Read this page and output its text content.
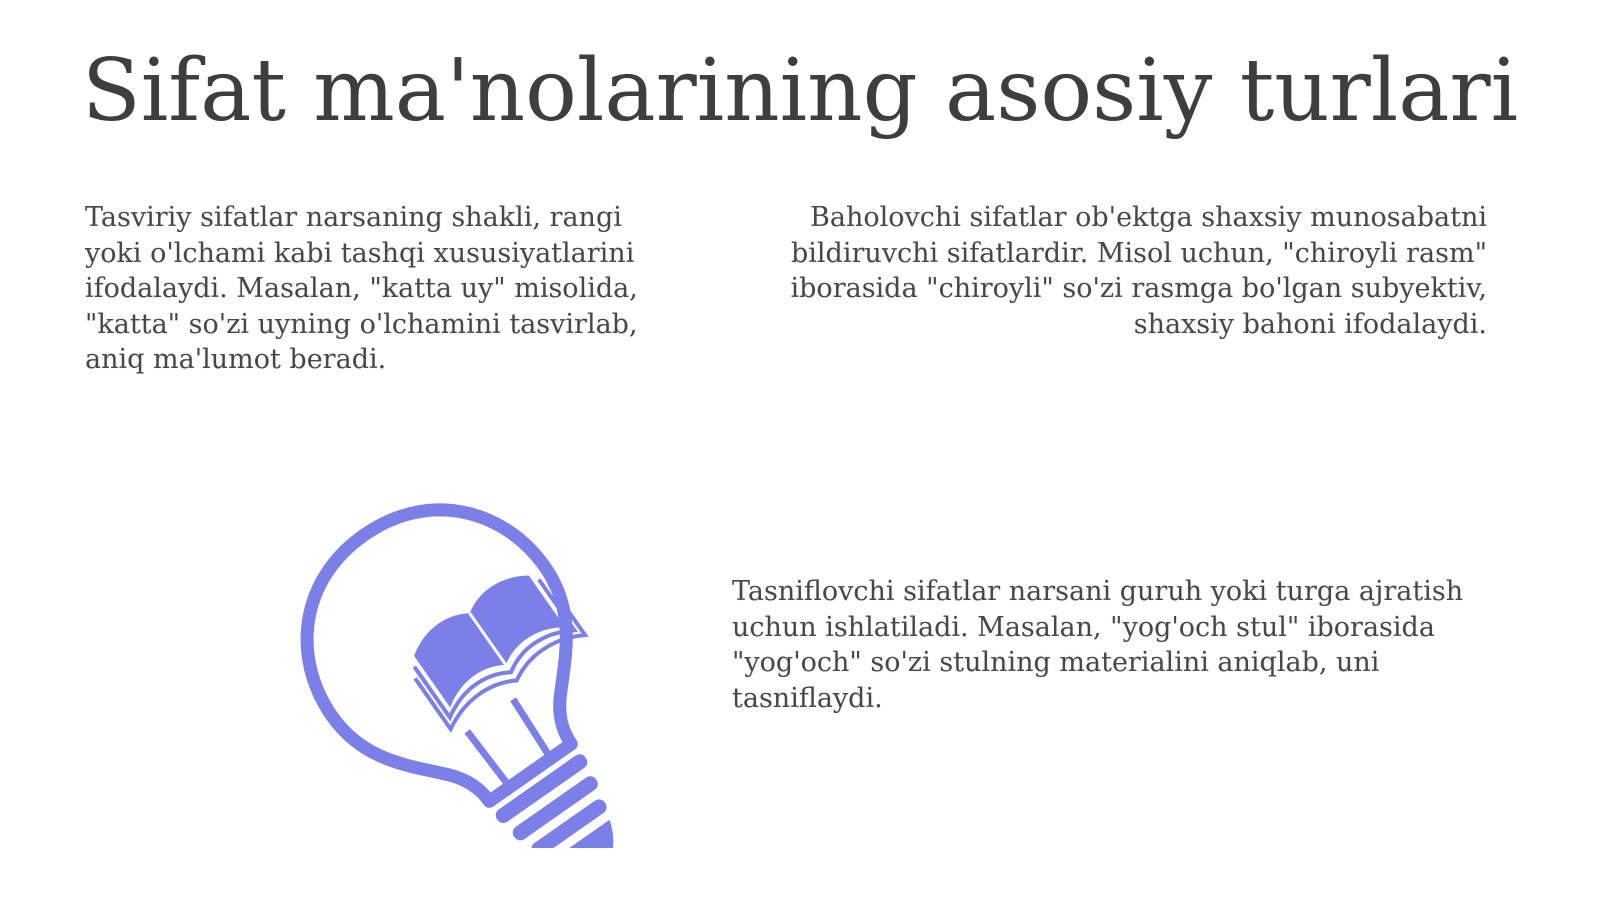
Sifat ma'nolarining asosiy turlari

Tasviriy sifatlar narsaning shakli, rangi yoki o'lchami kabi tashqi xususiyatlarini ifodalaydi. Masalan, "katta uy" misolida, "katta" so'zi uyning o'lchamini tasvirlab, aniq ma'lumot beradi.

Baholovchi sifatlar ob'ektga shaxsiy munosabatni bildiruvchi sifatlardir. Misol uchun, "chiroyli rasm" iborasida "chiroyli" so'zi rasmga bo'lgan subyektiv, shaxsiy bahoni ifodalaydi.

Tasniflovchi sifatlar narsani guruh yoki turga ajratish uchun ishlatiladi. Masalan, "yog'och stul" iborasida "yog'och" so'zi stulning materialini aniqlab, uni tasniflaydi.
